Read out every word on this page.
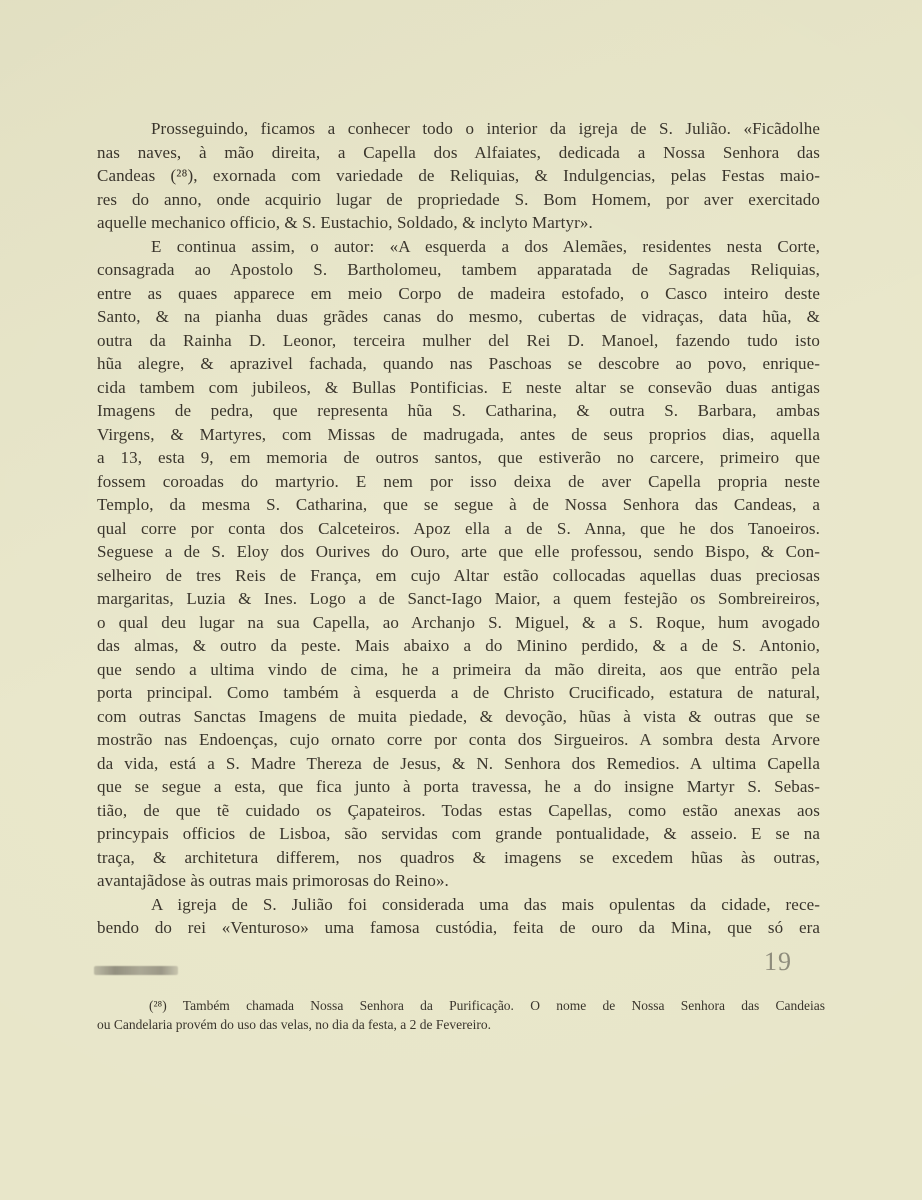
Prosseguindo, ficamos a conhecer todo o interior da igreja de S. Julião. «Ficãdolhe
nas naves, à mão direita, a Capella dos Alfaiates, dedicada a Nossa Senhora das
Candeas (²⁸), exornada com variedade de Reliquias, & Indulgencias, pelas Festas maio-
res do anno, onde acquirio lugar de propriedade S. Bom Homem, por aver exercitado
aquelle mechanico officio, & S. Eustachio, Soldado, & inclyto Martyr».
E continua assim, o autor: «A esquerda a dos Alemães, residentes nesta Corte,
consagrada ao Apostolo S. Bartholomeu, tambem apparatada de Sagradas Reliquias,
entre as quaes apparece em meio Corpo de madeira estofado, o Casco inteiro deste
Santo, & na pianha duas grãdes canas do mesmo, cubertas de vidraças, data hũa, &
outra da Rainha D. Leonor, terceira mulher del Rei D. Manoel, fazendo tudo isto
hũa alegre, & aprazivel fachada, quando nas Paschoas se descobre ao povo, enrique-
cida tambem com jubileos, & Bullas Pontificias. E neste altar se consevão duas antigas
Imagens de pedra, que representa hũa S. Catharina, & outra S. Barbara, ambas
Virgens, & Martyres, com Missas de madrugada, antes de seus proprios dias, aquella
a 13, esta 9, em memoria de outros santos, que estiverão no carcere, primeiro que
fossem coroadas do martyrio. E nem por isso deixa de aver Capella propria neste
Templo, da mesma S. Catharina, que se segue à de Nossa Senhora das Candeas, a
qual corre por conta dos Calceteiros. Apoz ella a de S. Anna, que he dos Tanoeiros.
Seguese a de S. Eloy dos Ourives do Ouro, arte que elle professou, sendo Bispo, & Con-
selheiro de tres Reis de França, em cujo Altar estão collocadas aquellas duas preciosas
margaritas, Luzia & Ines. Logo a de Sanct-Iago Maior, a quem festejão os Sombreireiros,
o qual deu lugar na sua Capella, ao Archanjo S. Miguel, & a S. Roque, hum avogado
das almas, & outro da peste. Mais abaixo a do Minino perdido, & a de S. Antonio,
que sendo a ultima vindo de cima, he a primeira da mão direita, aos que entrão pela
porta principal. Como também à esquerda a de Christo Crucificado, estatura de natural,
com outras Sanctas Imagens de muita piedade, & devoção, hũas à vista & outras que se
mostrão nas Endoenças, cujo ornato corre por conta dos Sirgueiros. A sombra desta Arvore
da vida, está a S. Madre Thereza de Jesus, & N. Senhora dos Remedios. A ultima Capella
que se segue a esta, que fica junto à porta travessa, he a do insigne Martyr S. Sebas-
tião, de que tẽ cuidado os Çapateiros. Todas estas Capellas, como estão anexas aos
princypais officios de Lisboa, são servidas com grande pontualidade, & asseio. E se na
traça, & architetura differem, nos quadros & imagens se excedem hũas às outras,
avantajãdose às outras mais primorosas do Reino».
A igreja de S. Julião foi considerada uma das mais opulentas da cidade, rece-
bendo do rei «Venturoso» uma famosa custódia, feita de ouro da Mina, que só era
19
(²⁸) Também chamada Nossa Senhora da Purificação. O nome de Nossa Senhora das Candeias
ou Candelaria provém do uso das velas, no dia da festa, a 2 de Fevereiro.
